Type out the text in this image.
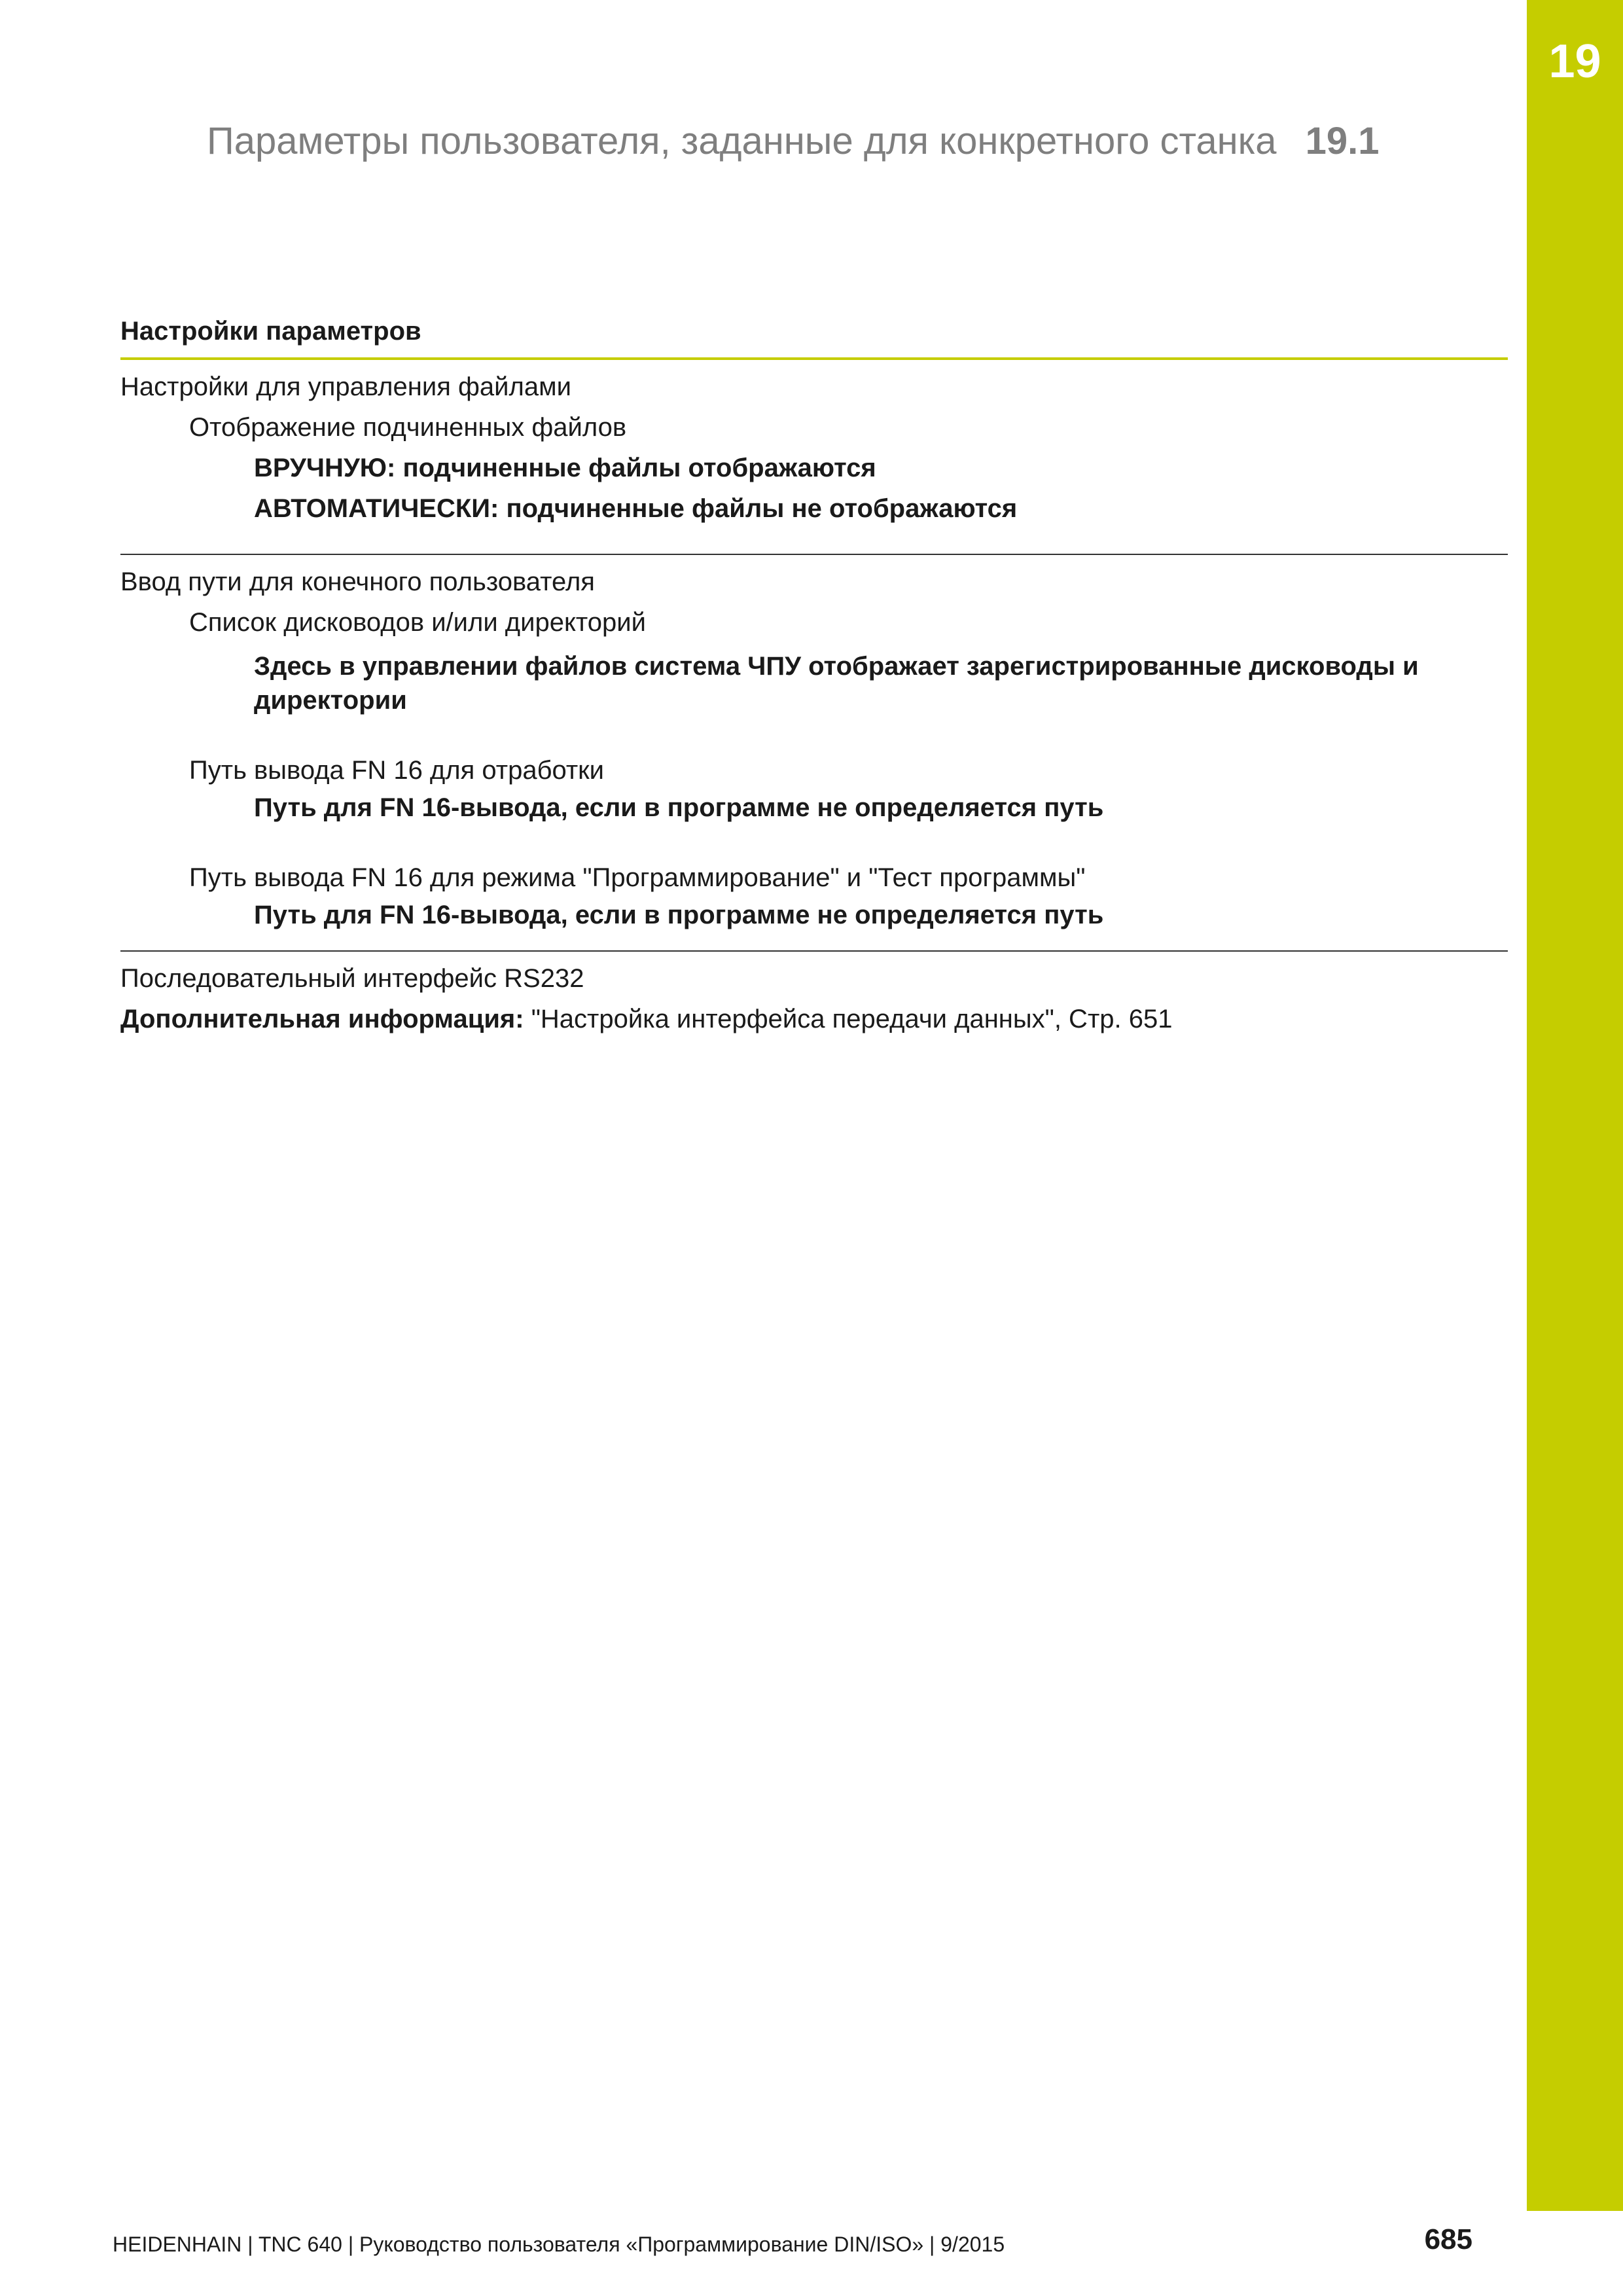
19
Параметры пользователя, заданные для конкретного станка 19.1
Настройки параметров
Настройки для управления файлами
Отображение подчиненных файлов
ВРУЧНУЮ: подчиненные файлы отображаются
АВТОМАТИЧЕСКИ: подчиненные файлы не отображаются
Ввод пути для конечного пользователя
Список дисководов и/или директорий
Здесь в управлении файлов система ЧПУ отображает зарегистрированные дисководы и директории
Путь вывода FN 16 для отработки
Путь для FN 16-вывода, если в программе не определяется путь
Путь вывода FN 16 для режима "Программирование" и "Тест программы"
Путь для FN 16-вывода, если в программе не определяется путь
Последовательный интерфейс RS232
Дополнительная информация: "Настройка интерфейса передачи данных", Стр. 651
HEIDENHAIN | TNC 640 | Руководство пользователя «Программирование DIN/ISO» | 9/2015	685
